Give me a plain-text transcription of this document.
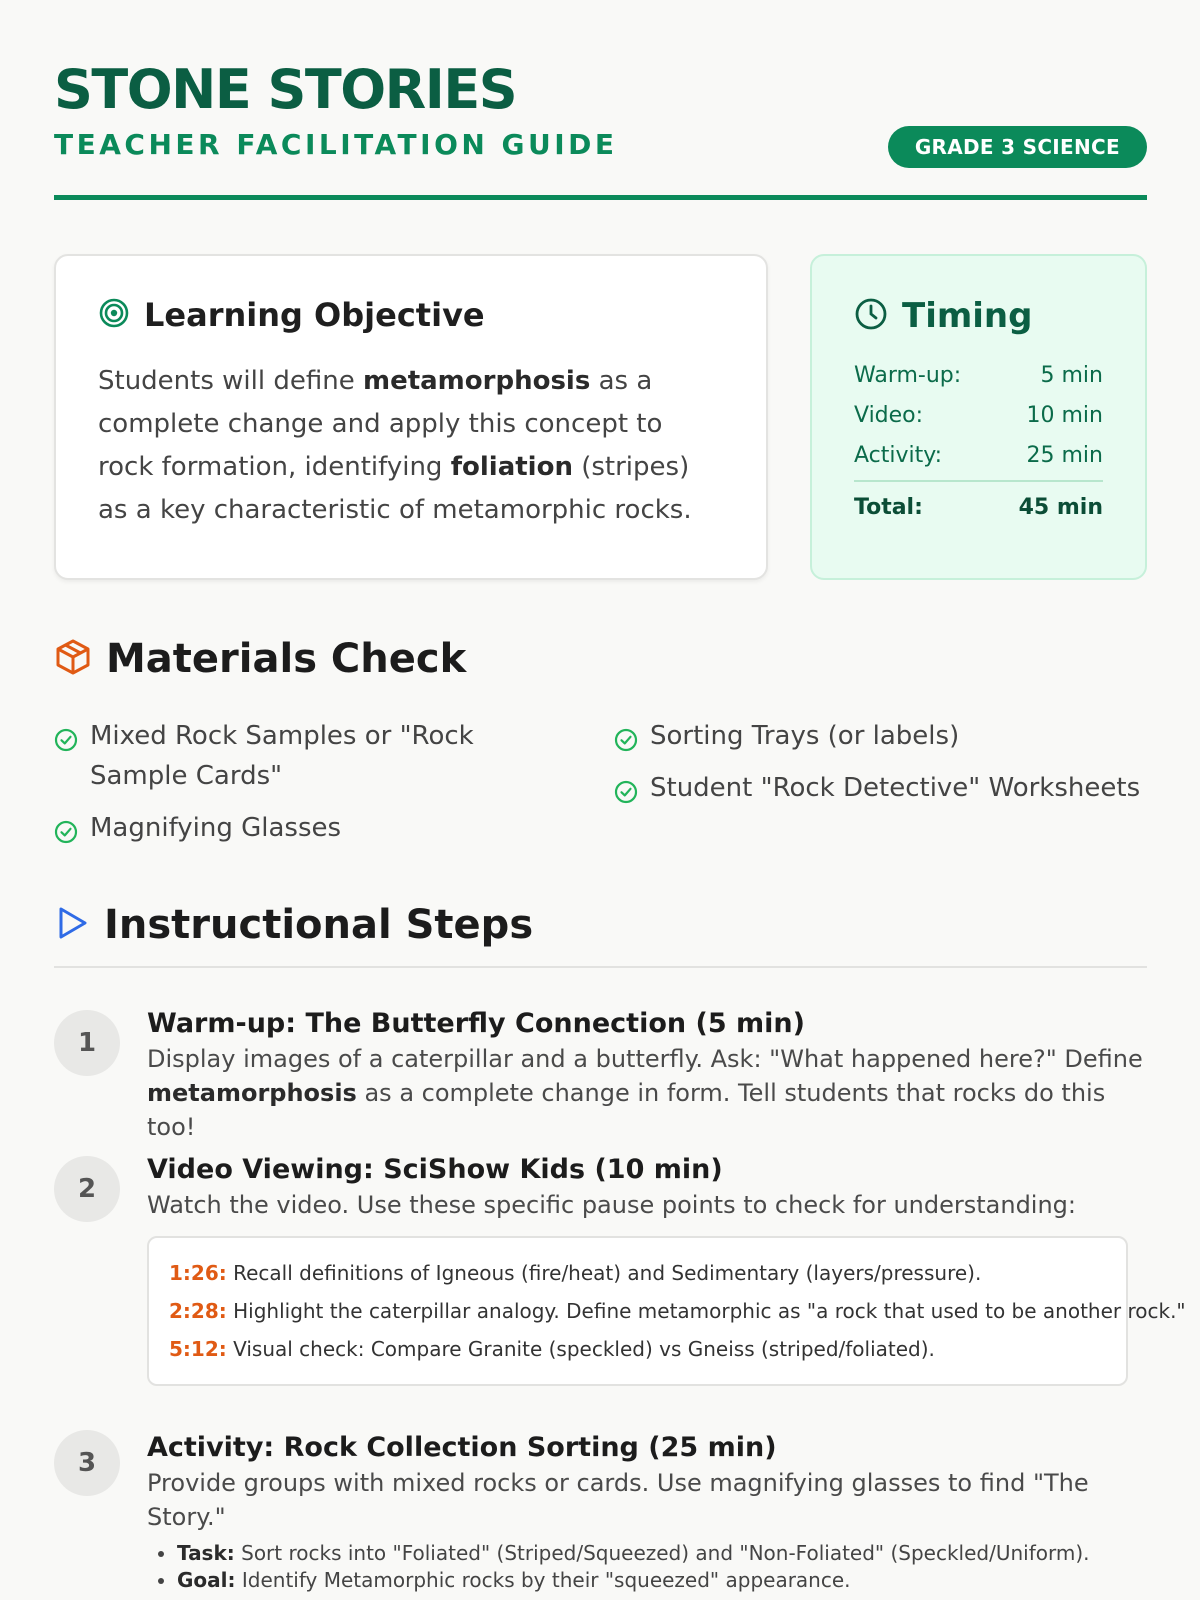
STONE STORIES
TEACHER FACILITATION GUIDE	GRADE 3 SCIENCE
Learning Objective

Students will define metamorphosis as a complete change and apply this concept to rock formation, identifying foliation (stripes) as a key characteristic of metamorphic rocks.

Timing
Warm-up:	5 min
Video:	10 min
Activity:	25 min
Total:	45 min
Materials Check
Mixed Rock Samples or "Rock Sample Cards"
Magnifying Glasses
Sorting Trays (or labels)
Student "Rock Detective" Worksheets
Instructional Steps
1
Warm-up: The Butterfly Connection (5 min)
Display images of a caterpillar and a butterfly. Ask: "What happened here?" Define metamorphosis as a complete change in form. Tell students that rocks do this too!
2
Video Viewing: SciShow Kids (10 min)
Watch the video. Use these specific pause points to check for understanding:
1:26: Recall definitions of Igneous (fire/heat) and Sedimentary (layers/pressure).
2:28: Highlight the caterpillar analogy. Define metamorphic as "a rock that used to be another rock."
5:12: Visual check: Compare Granite (speckled) vs Gneiss (striped/foliated).
3	Activity: Rock Collection Sorting (25 min)
Provide groups with mixed rocks or cards. Use magnifying glasses to find "The Story."
• Task: Sort rocks into "Foliated" (Striped/Squeezed) and "Non-Foliated" (Speckled/Uniform).
• Goal: Identify Metamorphic rocks by their "squeezed" appearance.
